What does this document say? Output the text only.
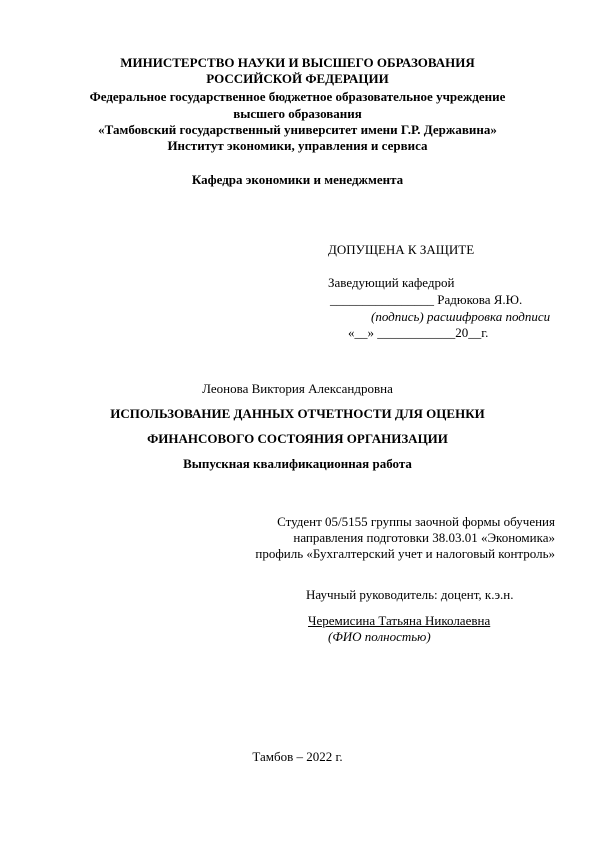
МИНИСТЕРСТВО НАУКИ И ВЫСШЕГО ОБРАЗОВАНИЯ
РОССИЙСКОЙ ФЕДЕРАЦИИ
Федеральное государственное бюджетное образовательное учреждение
высшего образования
«Тамбовский государственный университет имени Г.Р. Державина»
Институт экономики, управления и сервиса
Кафедра экономики и менеджмента
ДОПУЩЕНА К ЗАЩИТЕ
Заведующий кафедрой
________________ Радюкова Я.Ю.
(подпись) расшифровка подписи
«__» ____________20__г.
Леонова Виктория Александровна
ИСПОЛЬЗОВАНИЕ ДАННЫХ ОТЧЕТНОСТИ ДЛЯ ОЦЕНКИ
ФИНАНСОВОГО СОСТОЯНИЯ ОРГАНИЗАЦИИ
Выпускная квалификационная работа
Студент 05/5155 группы заочной формы обучения
направления подготовки 38.03.01 «Экономика»
профиль «Бухгалтерский учет и налоговый контроль»
Научный руководитель: доцент, к.э.н.
Черемисина Татьяна Николаевна
(ФИО полностью)
Тамбов – 2022 г.
